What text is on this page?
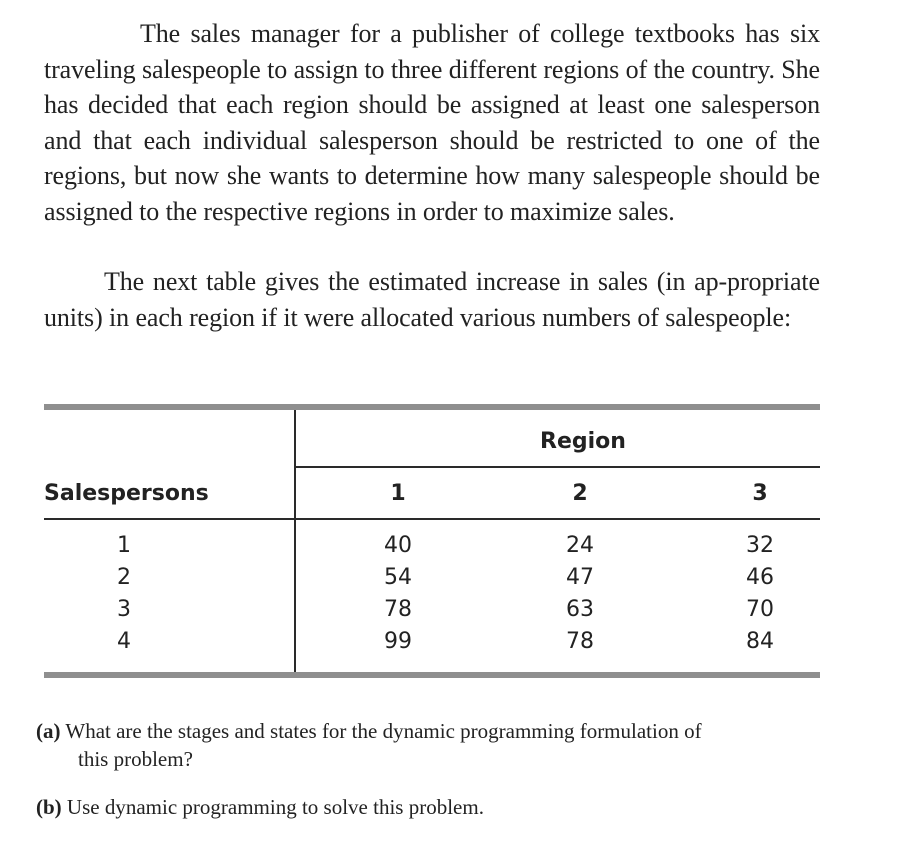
The sales manager for a publisher of college textbooks has six traveling salespeople to assign to three different regions of the country. She has decided that each region should be assigned at least one salesperson and that each individual salesperson should be restricted to one of the regions, but now she wants to determine how many salespeople should be assigned to the respective regions in order to maximize sales.

The next table gives the estimated increase in sales (in ap-propriate units) in each region if it were allocated various numbers of salespeople:

Region
Salespersons	1	2	3
1	40	24	32
2	54	47	46
3	78	63	70
4	99	78	84
(a) What are the stages and states for the dynamic programming formulation of
this problem?
(b) Use dynamic programming to solve this problem.
